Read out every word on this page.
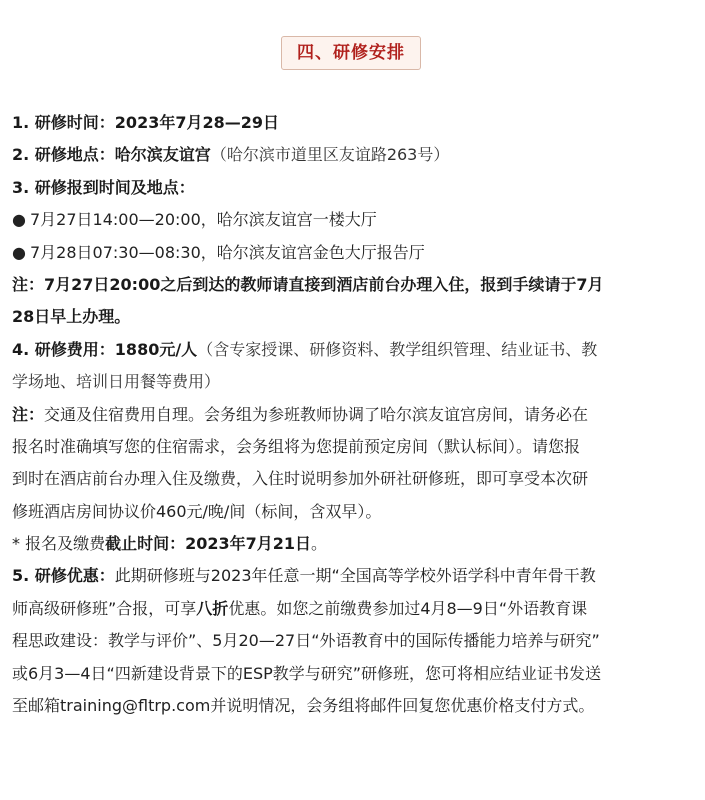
四、研修安排
1. 研修时间：2023年7月28—29日
2. 研修地点：哈尔滨友谊宫（哈尔滨市道里区友谊路263号）
3. 研修报到时间及地点：
● 7月27日14:00—20:00，哈尔滨友谊宫一楼大厅
● 7月28日07:30—08:30，哈尔滨友谊宫金色大厅报告厅
注：7月27日20:00之后到达的教师请直接到酒店前台办理入住，报到手续请于7月
28日早上办理。
4. 研修费用：1880元/人（含专家授课、研修资料、教学组织管理、结业证书、教
学场地、培训日用餐等费用）
注：交通及住宿费用自理。会务组为参班教师协调了哈尔滨友谊宫房间，请务必在
报名时准确填写您的住宿需求，会务组将为您提前预定房间（默认标间）。请您报
到时在酒店前台办理入住及缴费，入住时说明参加外研社研修班，即可享受本次研
修班酒店房间协议价460元/晚/间（标间，含双早）。
* 报名及缴费截止时间：2023年7月21日。
5. 研修优惠：此期研修班与2023年任意一期“全国高等学校外语学科中青年骨干教
师高级研修班”合报，可享八折优惠。如您之前缴费参加过4月8—9日“外语教育课
程思政建设：教学与评价”、5月20—27日“外语教育中的国际传播能力培养与研究”
或6月3—4日“四新建设背景下的ESP教学与研究”研修班，您可将相应结业证书发送
至邮箱training@fltrp.com并说明情况，会务组将邮件回复您优惠价格支付方式。
